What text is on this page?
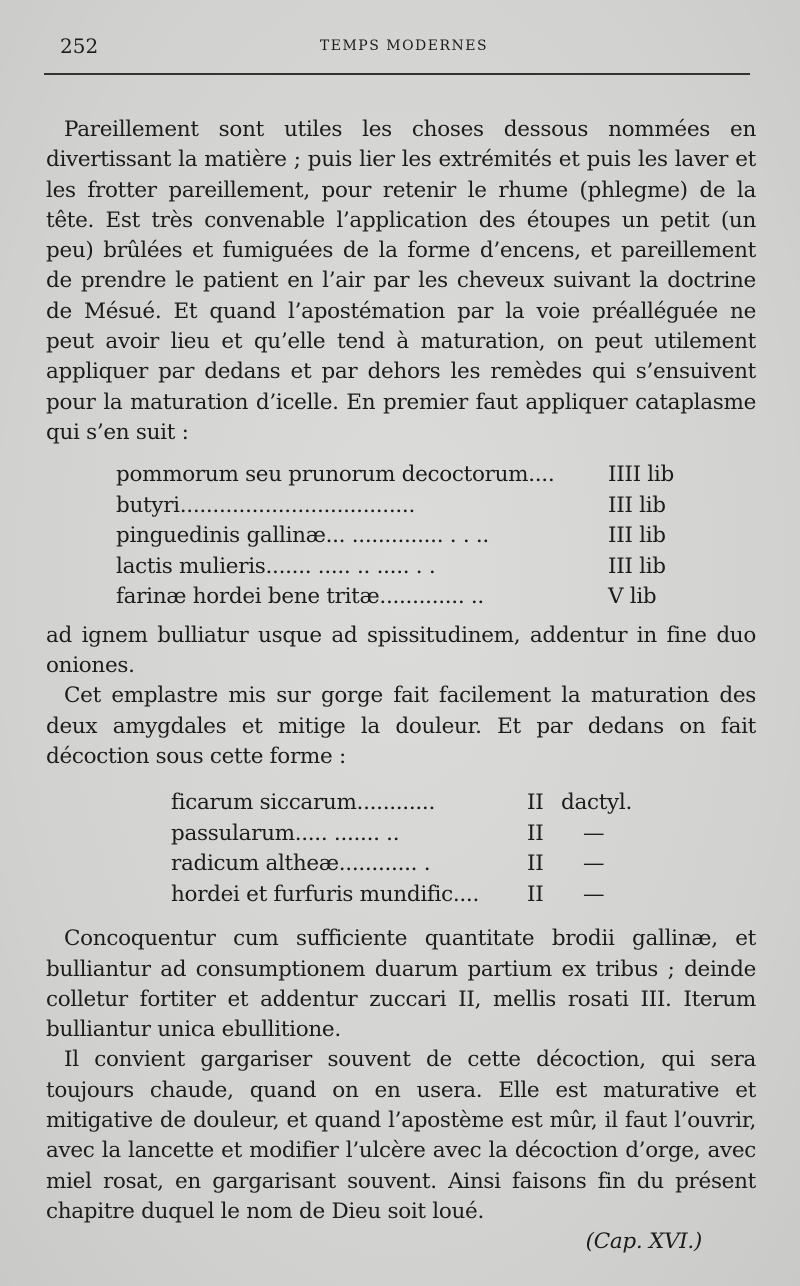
252	TEMPS MODERNES

Pareillement sont utiles les choses dessous nommées en divertissant la matière ; puis lier les extrémités et puis les laver et les frotter pareillement, pour retenir le rhume (phlegme) de la tête. Est très convenable l’application des étoupes un petit (un peu) brûlées et fumiguées de la forme d’encens, et pareillement de prendre le patient en l’air par les cheveux suivant la doctrine de Mésué. Et quand l’apostémation par la voie préalléguée ne peut avoir lieu et qu’elle tend à maturation, on peut utilement appliquer par dedans et par dehors les remèdes qui s’ensuivent pour la maturation d’icelle. En premier faut appliquer cataplasme qui s’en suit :

pommorum seu prunorum decoctorum.... IIII lib
butyri....................................	III lib
pinguedinis gallinæ... .............. . . ..	III lib
lactis mulieris....... ..... .. ..... . .	III lib
farinæ hordei bene tritæ............. ..	V lib

ad ignem bulliatur usque ad spissitudinem, addentur in fine duo oniones.

Cet emplastre mis sur gorge fait facilement la maturation des deux amygdales et mitige la douleur. Et par dedans on fait décoction sous cette forme :

ficarum siccarum............	II dactyl.
passularum..... ....... ..	II —
radicum altheæ............ .	II —
hordei et furfuris mundific.... II —

Concoquentur cum sufficiente quantitate brodii gallinæ, et bulliantur ad consumptionem duarum partium ex tribus ; deinde colletur fortiter et addentur zuccari II, mellis rosati III. Iterum bulliantur unica ebullitione.

Il convient gargariser souvent de cette décoction, qui sera toujours chaude, quand on en usera. Elle est maturative et mitigative de douleur, et quand l’apostème est mûr, il faut l’ouvrir, avec la lancette et modifier l’ulcère avec la décoction d’orge, avec miel rosat, en gargarisant souvent. Ainsi faisons fin du présent chapitre duquel le nom de Dieu soit loué.

(Cap. XVI.)
